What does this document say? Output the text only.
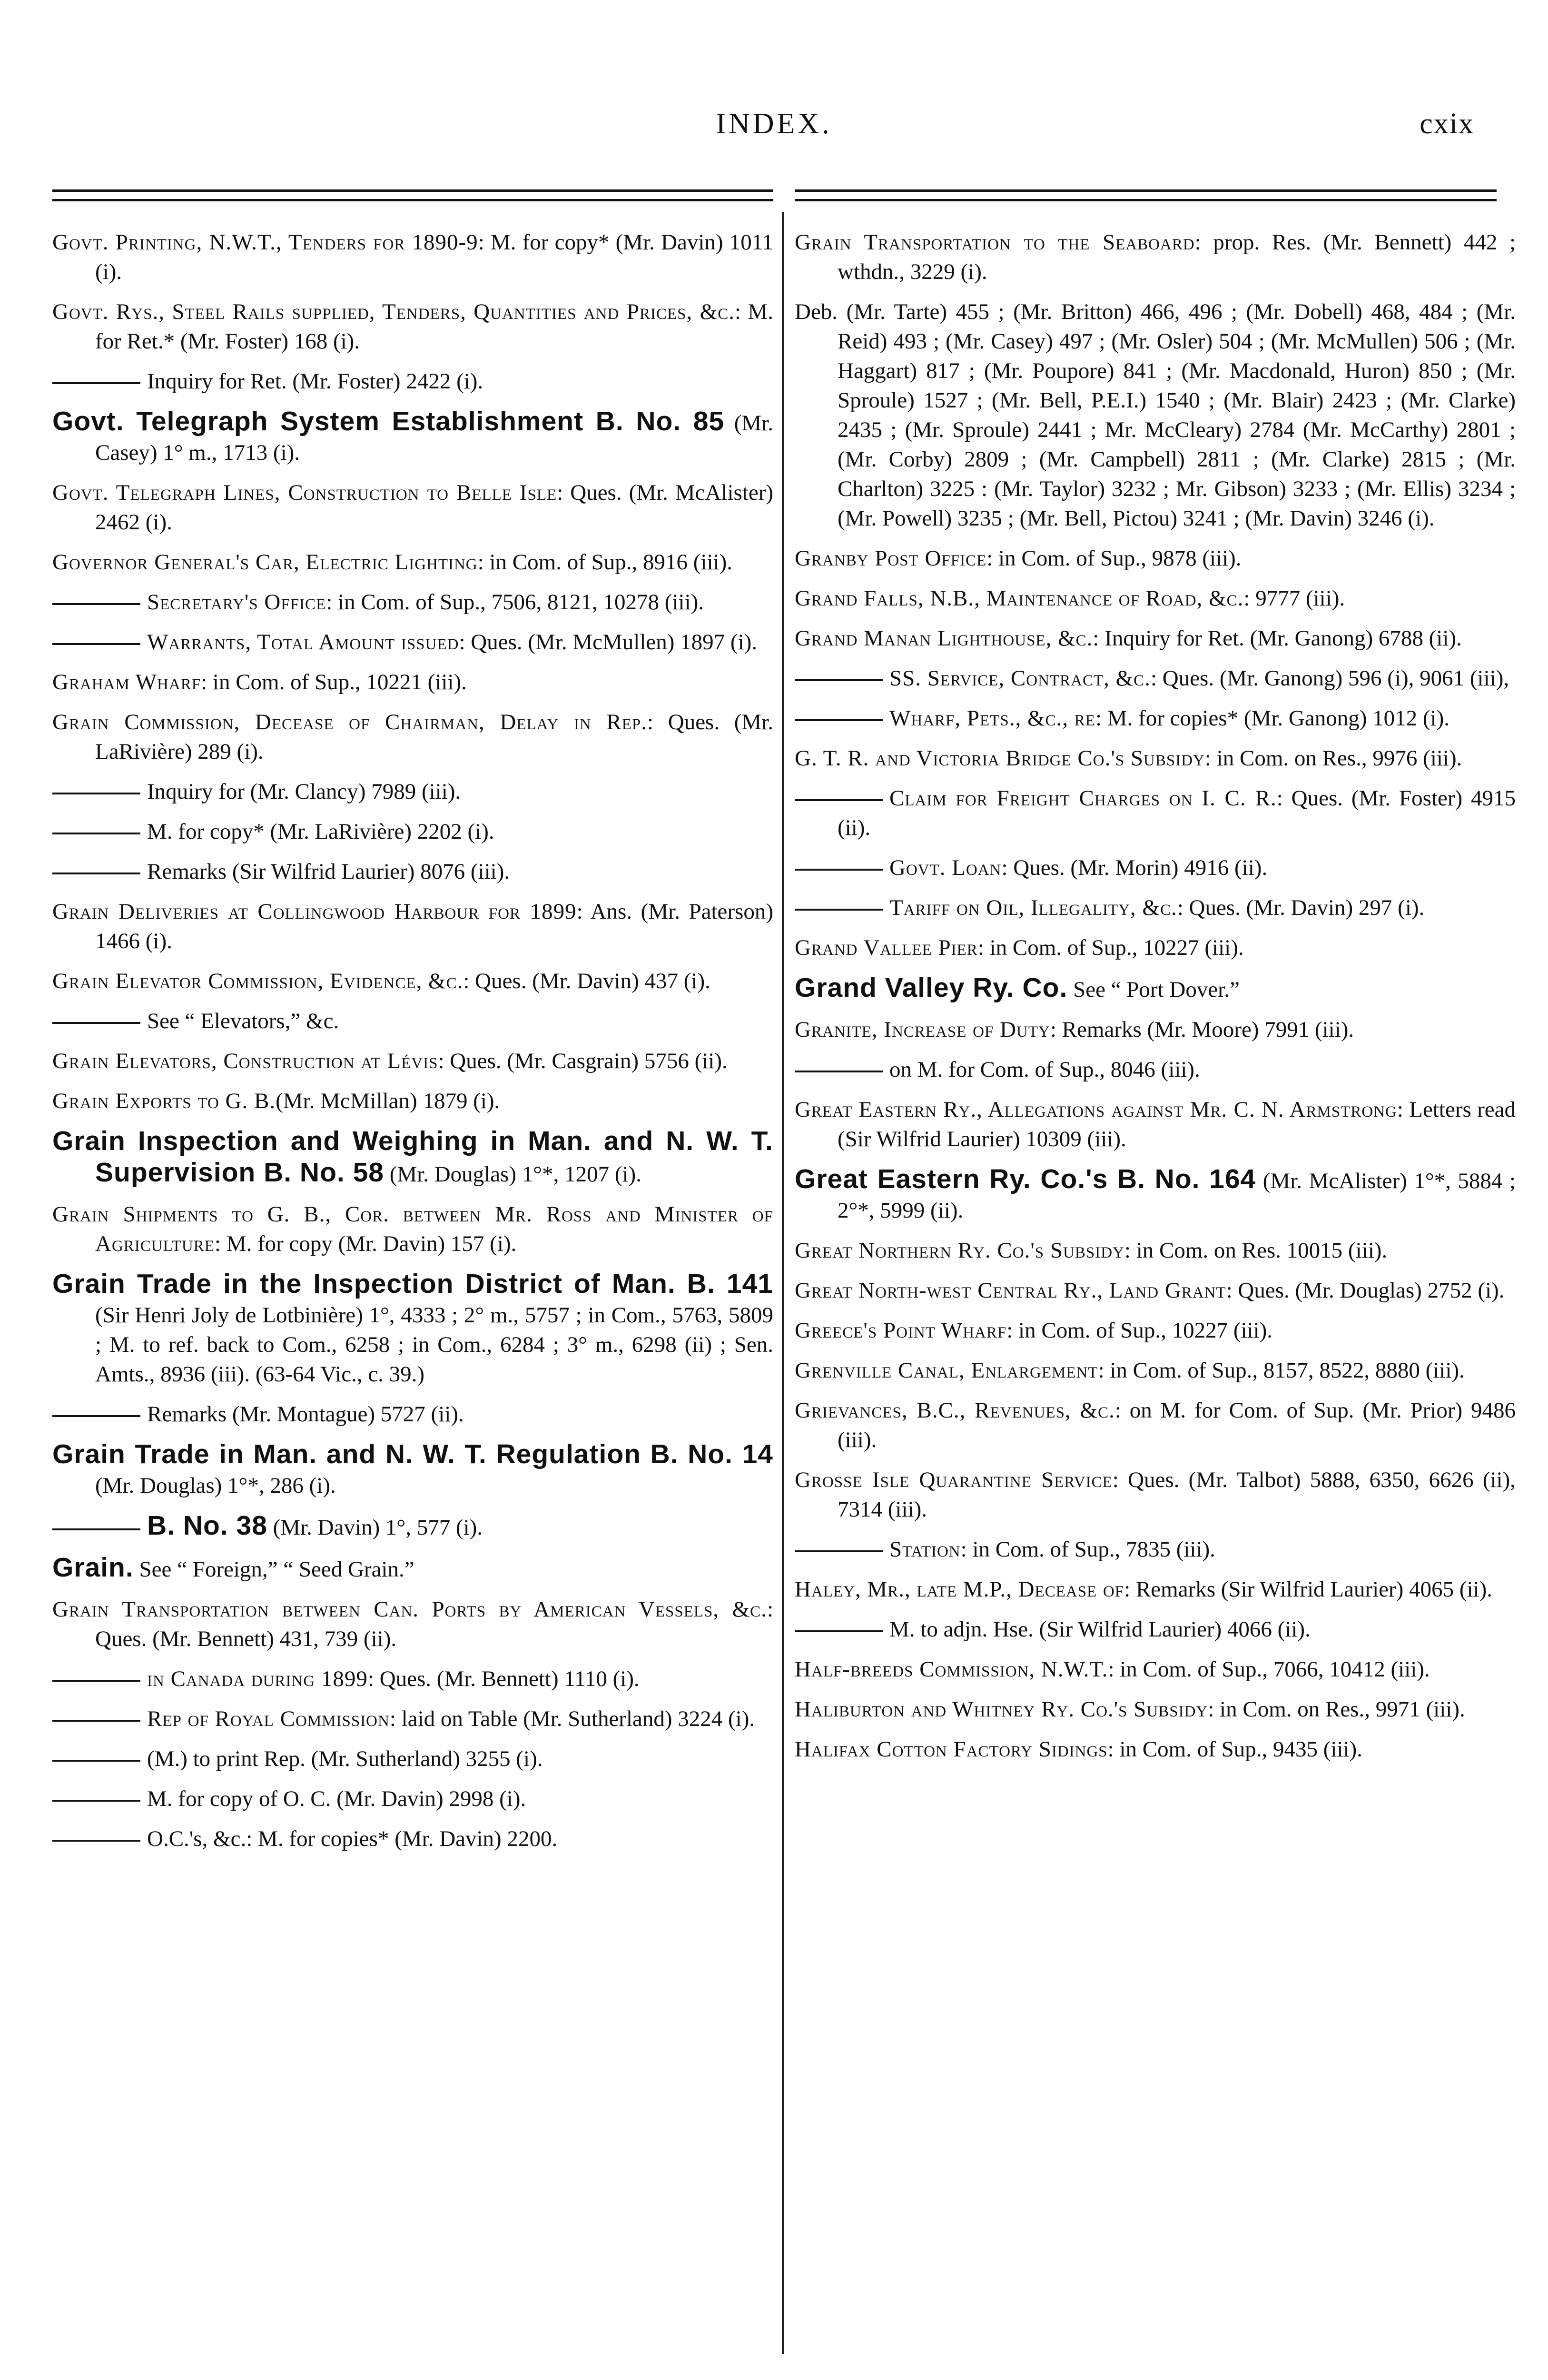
INDEX.	cxix
Govt. Printing, N.W.T., Tenders for 1890-9: M. for copy* (Mr. Davin) 1011 (i).
Govt. Rys., Steel Rails supplied, Tenders, Quantities and Prices, &c.: M. for Ret.* (Mr. Foster) 168 (i).
Inquiry for Ret. (Mr. Foster) 2422 (i).
Govt. Telegraph System Establishment B. No. 85 (Mr. Casey) 1° m., 1713 (i).
Govt. Telegraph Lines, Construction to Belle Isle: Ques. (Mr. McAlister) 2462 (i).
Governor General's Car, Electric Lighting: in Com. of Sup., 8916 (iii).
Secretary's Office: in Com. of Sup., 7506, 8121, 10278 (iii).
Warrants, Total Amount issued: Ques. (Mr. McMullen) 1897 (i).
Graham Wharf: in Com. of Sup., 10221 (iii).
Grain Commission, Decease of Chairman, Delay in Rep.: Ques. (Mr. LaRivière) 289 (i).
Inquiry for (Mr. Clancy) 7989 (iii).
M. for copy* (Mr. LaRivière) 2202 (i).
Remarks (Sir Wilfrid Laurier) 8076 (iii).
Grain Deliveries at Collingwood Harbour for 1899: Ans. (Mr. Paterson) 1466 (i).
Grain Elevator Commission, Evidence, &c.: Ques. (Mr. Davin) 437 (i).
See “ Elevators,” &c.
Grain Elevators, Construction at Lévis: Ques. (Mr. Casgrain) 5756 (ii).
Grain Exports to G. B.(Mr. McMillan) 1879 (i).
Grain Inspection and Weighing in Man. and N. W. T. Supervision B. No. 58 (Mr. Douglas) 1°*, 1207 (i).
Grain Shipments to G. B., Cor. between Mr. Ross and Minister of Agriculture: M. for copy (Mr. Davin) 157 (i).
Grain Trade in the Inspection District of Man. B. 141 (Sir Henri Joly de Lotbinière) 1°, 4333 ; 2° m., 5757 ; in Com., 5763, 5809 ; M. to ref. back to Com., 6258 ; in Com., 6284 ; 3° m., 6298 (ii) ; Sen. Amts., 8936 (iii). (63-64 Vic., c. 39.)
Remarks (Mr. Montague) 5727 (ii).
Grain Trade in Man. and N. W. T. Regulation B. No. 14 (Mr. Douglas) 1°*, 286 (i).
B. No. 38 (Mr. Davin) 1°, 577 (i).
Grain. See “ Foreign,” “ Seed Grain.”
Grain Transportation between Can. Ports by American Vessels, &c.: Ques. (Mr. Bennett) 431, 739 (ii).
in Canada during 1899: Ques. (Mr. Bennett) 1110 (i).
Rep of Royal Commission: laid on Table (Mr. Sutherland) 3224 (i).
(M.) to print Rep. (Mr. Sutherland) 3255 (i).
M. for copy of O. C. (Mr. Davin) 2998 (i).
O.C.'s, &c.: M. for copies* (Mr. Davin) 2200.
Grain Transportation to the Seaboard: prop. Res. (Mr. Bennett) 442 ; wthdn., 3229 (i).
Deb. (Mr. Tarte) 455 ; (Mr. Britton) 466, 496 ; (Mr. Dobell) 468, 484 ; (Mr. Reid) 493 ; (Mr. Casey) 497 ; (Mr. Osler) 504 ; (Mr. McMullen) 506 ; (Mr. Haggart) 817 ; (Mr. Poupore) 841 ; (Mr. Macdonald, Huron) 850 ; (Mr. Sproule) 1527 ; (Mr. Bell, P.E.I.) 1540 ; (Mr. Blair) 2423 ; (Mr. Clarke) 2435 ; (Mr. Sproule) 2441 ; Mr. McCleary) 2784 (Mr. McCarthy) 2801 ; (Mr. Corby) 2809 ; (Mr. Campbell) 2811 ; (Mr. Clarke) 2815 ; (Mr. Charlton) 3225 : (Mr. Taylor) 3232 ; Mr. Gibson) 3233 ; (Mr. Ellis) 3234 ; (Mr. Powell) 3235 ; (Mr. Bell, Pictou) 3241 ; (Mr. Davin) 3246 (i).
Granby Post Office: in Com. of Sup., 9878 (iii).
Grand Falls, N.B., Maintenance of Road, &c.: 9777 (iii).
Grand Manan Lighthouse, &c.: Inquiry for Ret. (Mr. Ganong) 6788 (ii).
SS. Service, Contract, &c.: Ques. (Mr. Ganong) 596 (i), 9061 (iii),
Wharf, Pets., &c., re: M. for copies* (Mr. Ganong) 1012 (i).
G. T. R. and Victoria Bridge Co.'s Subsidy: in Com. on Res., 9976 (iii).
Claim for Freight Charges on I. C. R.: Ques. (Mr. Foster) 4915 (ii).
Govt. Loan: Ques. (Mr. Morin) 4916 (ii).
Tariff on Oil, Illegality, &c.: Ques. (Mr. Davin) 297 (i).
Grand Vallee Pier: in Com. of Sup., 10227 (iii).
Grand Valley Ry. Co. See “ Port Dover.”
Granite, Increase of Duty: Remarks (Mr. Moore) 7991 (iii).
on M. for Com. of Sup., 8046 (iii).
Great Eastern Ry., Allegations against Mr. C. N. Armstrong: Letters read (Sir Wilfrid Laurier) 10309 (iii).
Great Eastern Ry. Co.'s B. No. 164 (Mr. McAlister) 1°*, 5884 ; 2°*, 5999 (ii).
Great Northern Ry. Co.'s Subsidy: in Com. on Res. 10015 (iii).
Great North-west Central Ry., Land Grant: Ques. (Mr. Douglas) 2752 (i).
Greece's Point Wharf: in Com. of Sup., 10227 (iii).
Grenville Canal, Enlargement: in Com. of Sup., 8157, 8522, 8880 (iii).
Grievances, B.C., Revenues, &c.: on M. for Com. of Sup. (Mr. Prior) 9486 (iii).
Grosse Isle Quarantine Service: Ques. (Mr. Talbot) 5888, 6350, 6626 (ii), 7314 (iii).
Station: in Com. of Sup., 7835 (iii).
Haley, Mr., late M.P., Decease of: Remarks (Sir Wilfrid Laurier) 4065 (ii).
M. to adjn. Hse. (Sir Wilfrid Laurier) 4066 (ii).
Half-breeds Commission, N.W.T.: in Com. of Sup., 7066, 10412 (iii).
Haliburton and Whitney Ry. Co.'s Subsidy: in Com. on Res., 9971 (iii).
Halifax Cotton Factory Sidings: in Com. of Sup., 9435 (iii).
